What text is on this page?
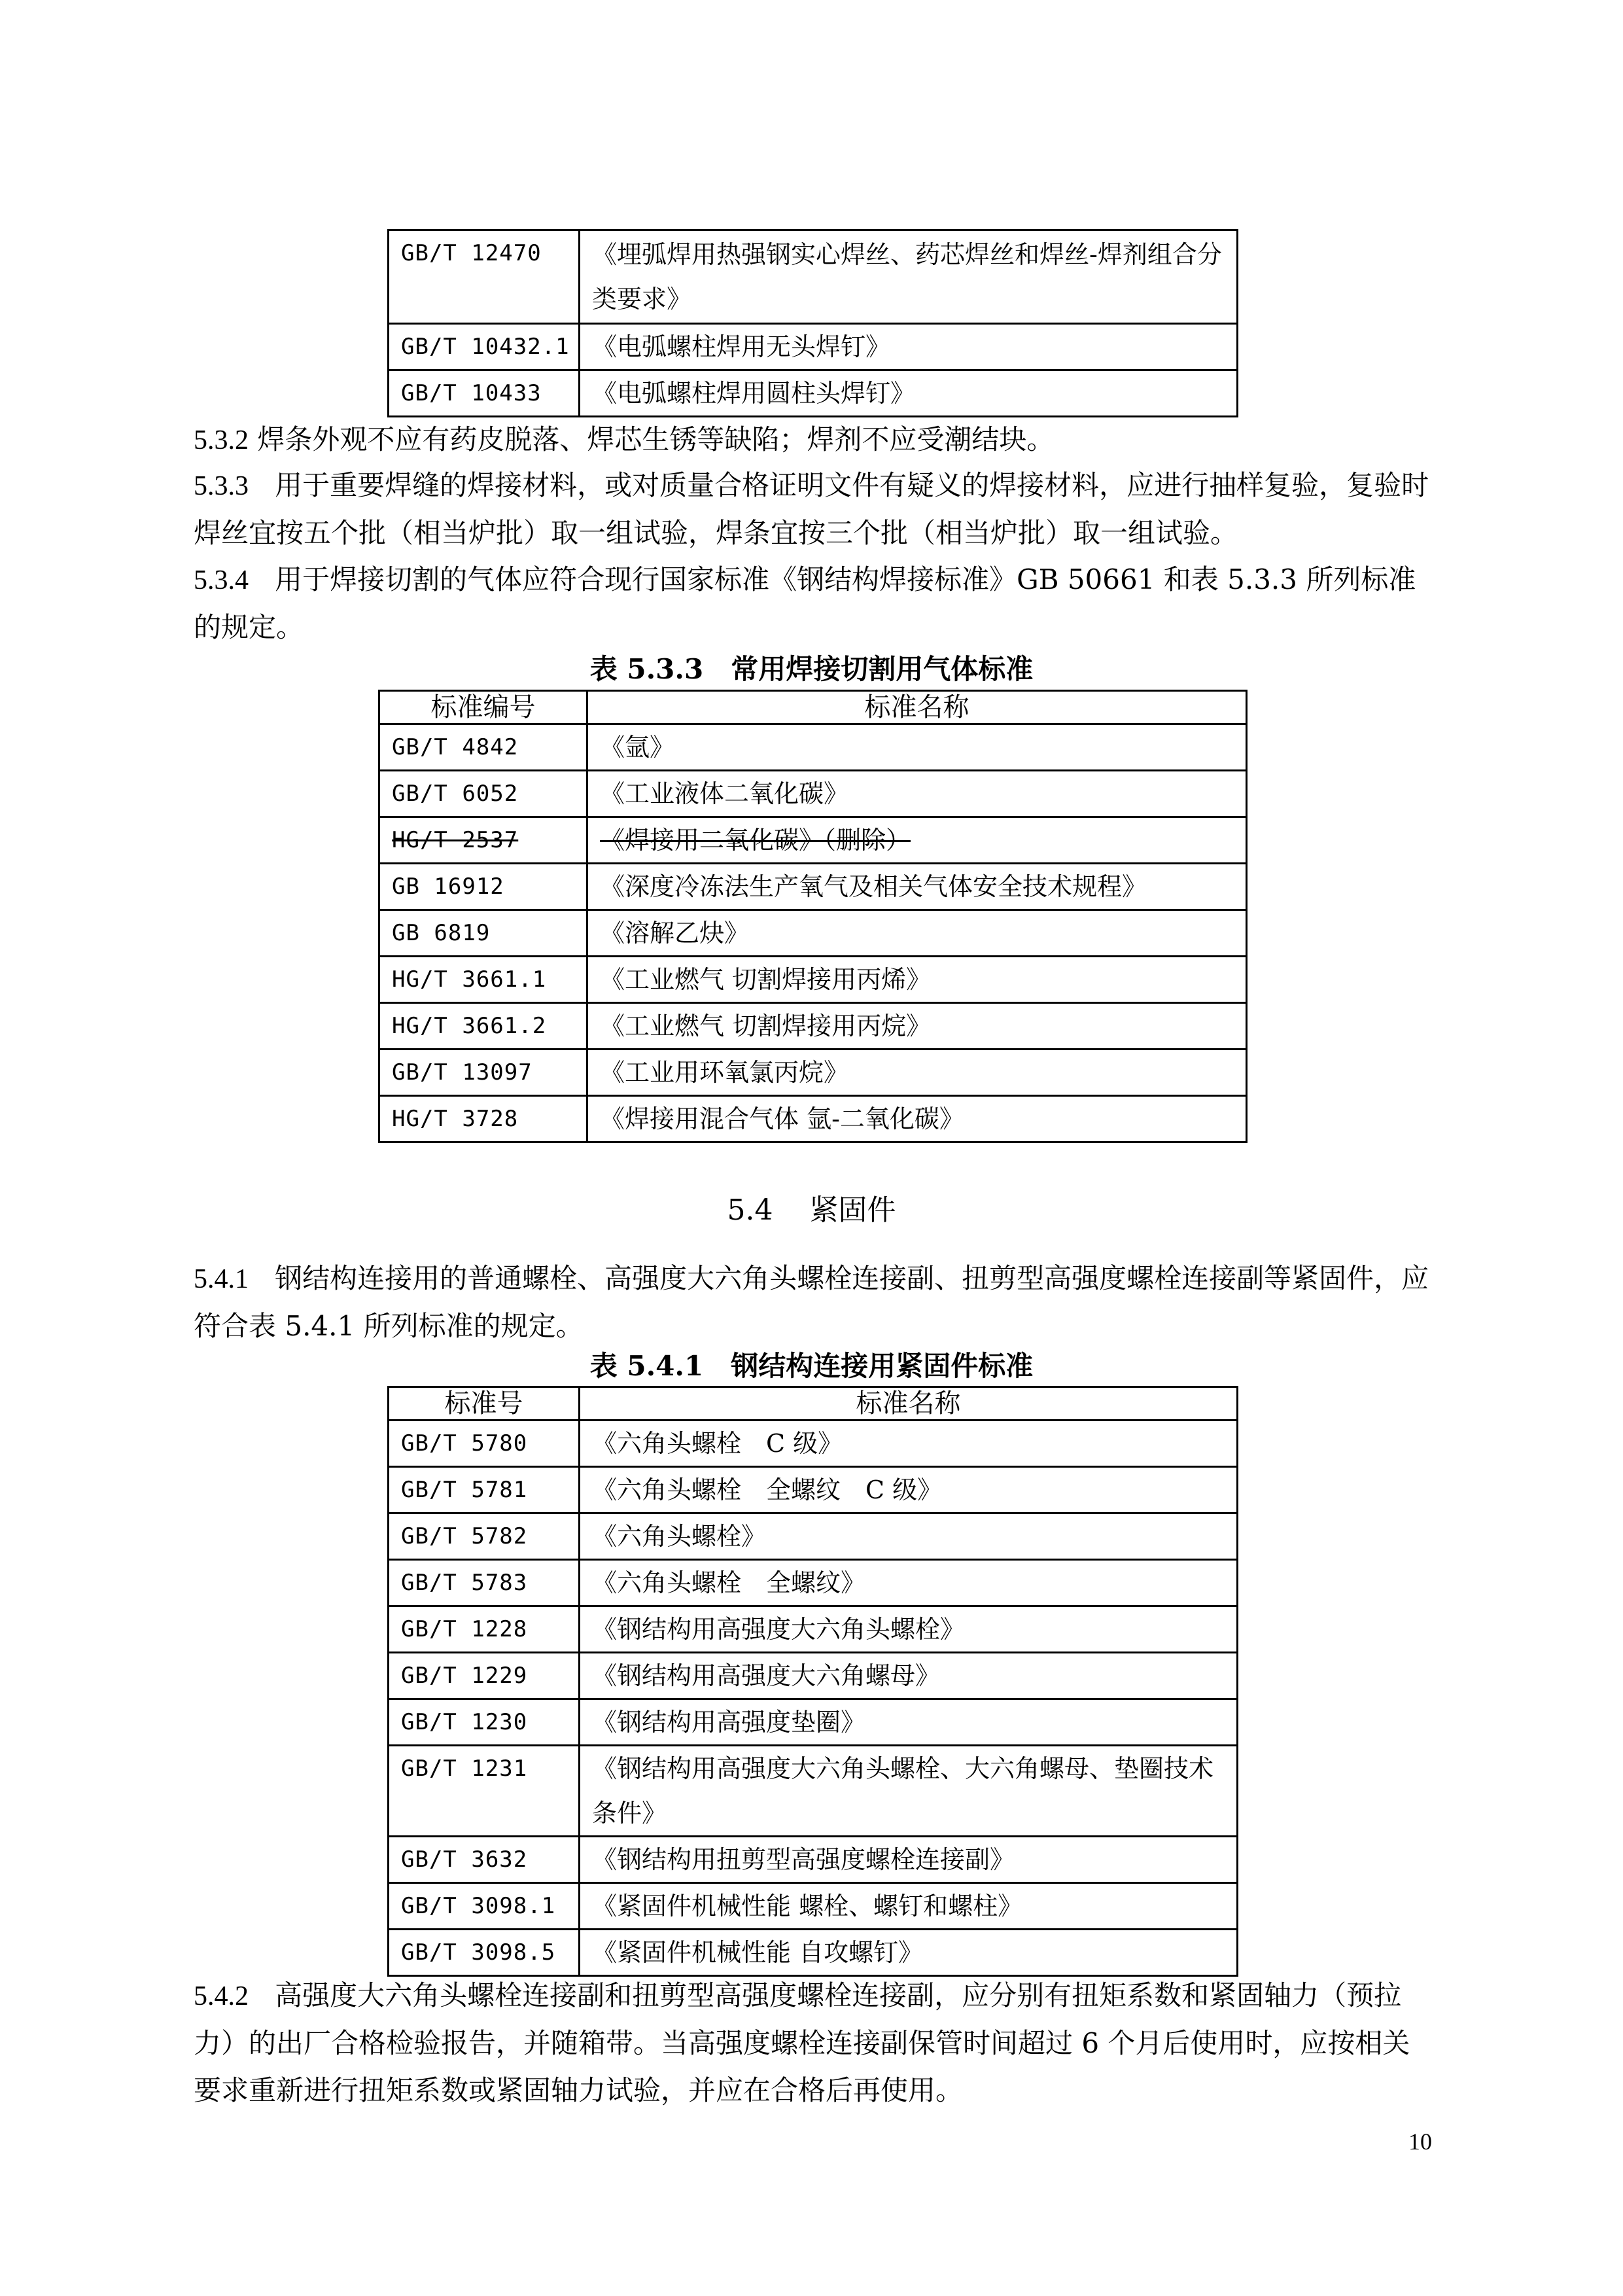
GB/T 12470	《埋弧焊用热强钢实心焊丝、药芯焊丝和焊丝-焊剂组合分类要求》
GB/T 10432.1	《电弧螺柱焊用无头焊钉》
GB/T 10433	《电弧螺柱焊用圆柱头焊钉》

5.3.2 焊条外观不应有药皮脱落、焊芯生锈等缺陷；焊剂不应受潮结块。

5.3.3 用于重要焊缝的焊接材料，或对质量合格证明文件有疑义的焊接材料，应进行抽样复验，复验时焊丝宜按五个批（相当炉批）取一组试验，焊条宜按三个批（相当炉批）取一组试验。

5.3.4 用于焊接切割的气体应符合现行国家标准《钢结构焊接标准》GB 50661 和表 5.3.3 所列标准的规定。

表 5.3.3　常用焊接切割用气体标准
标准编号	标准名称
GB/T 4842	《氩》
GB/T 6052	《工业液体二氧化碳》
HG/T 2537	《焊接用二氧化碳》（删除）
GB 16912	《深度冷冻法生产氧气及相关气体安全技术规程》
GB 6819	《溶解乙炔》
HG/T 3661.1	《工业燃气 切割焊接用丙烯》
HG/T 3661.2	《工业燃气 切割焊接用丙烷》
GB/T 13097	《工业用环氧氯丙烷》
HG/T 3728	《焊接用混合气体 氩-二氧化碳》
5.4 紧固件

5.4.1 钢结构连接用的普通螺栓、高强度大六角头螺栓连接副、扭剪型高强度螺栓连接副等紧固件，应符合表 5.4.1 所列标准的规定。

表 5.4.1　钢结构连接用紧固件标准
标准号	标准名称
GB/T 5780	《六角头螺栓　C 级》
GB/T 5781	《六角头螺栓　全螺纹　C 级》
GB/T 5782	《六角头螺栓》
GB/T 5783	《六角头螺栓　全螺纹》
GB/T 1228	《钢结构用高强度大六角头螺栓》
GB/T 1229	《钢结构用高强度大六角螺母》
GB/T 1230	《钢结构用高强度垫圈》
GB/T 1231	《钢结构用高强度大六角头螺栓、大六角螺母、垫圈技术条件》
GB/T 3632	《钢结构用扭剪型高强度螺栓连接副》
GB/T 3098.1	《紧固件机械性能 螺栓、螺钉和螺柱》
GB/T 3098.5	《紧固件机械性能 自攻螺钉》

5.4.2 高强度大六角头螺栓连接副和扭剪型高强度螺栓连接副，应分别有扭矩系数和紧固轴力（预拉力）的出厂合格检验报告，并随箱带。当高强度螺栓连接副保管时间超过 6 个月后使用时，应按相关要求重新进行扭矩系数或紧固轴力试验，并应在合格后再使用。

10
